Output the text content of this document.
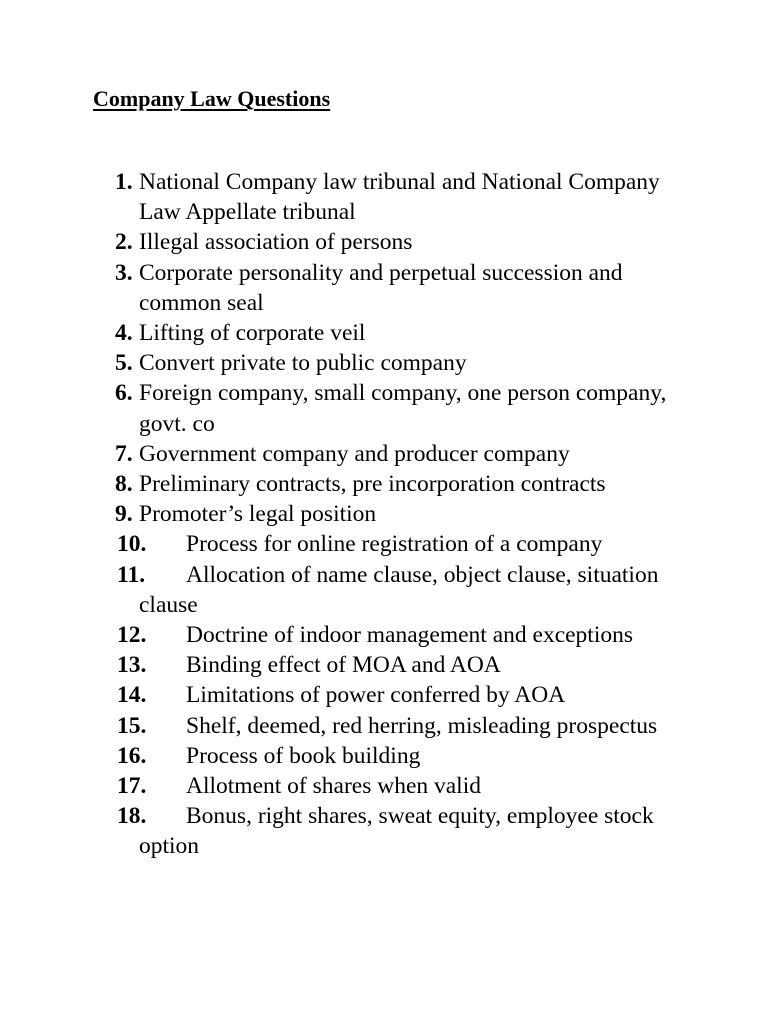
Company Law Questions
1. National Company law tribunal and National Company Law Appellate tribunal
2. Illegal association of persons
3. Corporate personality and perpetual succession and common seal
4. Lifting of corporate veil
5. Convert private to public company
6. Foreign company, small company, one person company, govt. co
7. Government company and producer company
8. Preliminary contracts, pre incorporation contracts
9. Promoter’s legal position
10. Process for online registration of a company
11. Allocation of name clause, object clause, situation clause
12. Doctrine of indoor management and exceptions
13. Binding effect of MOA and AOA
14. Limitations of power conferred by AOA
15. Shelf, deemed, red herring, misleading prospectus
16. Process of book building
17. Allotment of shares when valid
18. Bonus, right shares, sweat equity, employee stock option
